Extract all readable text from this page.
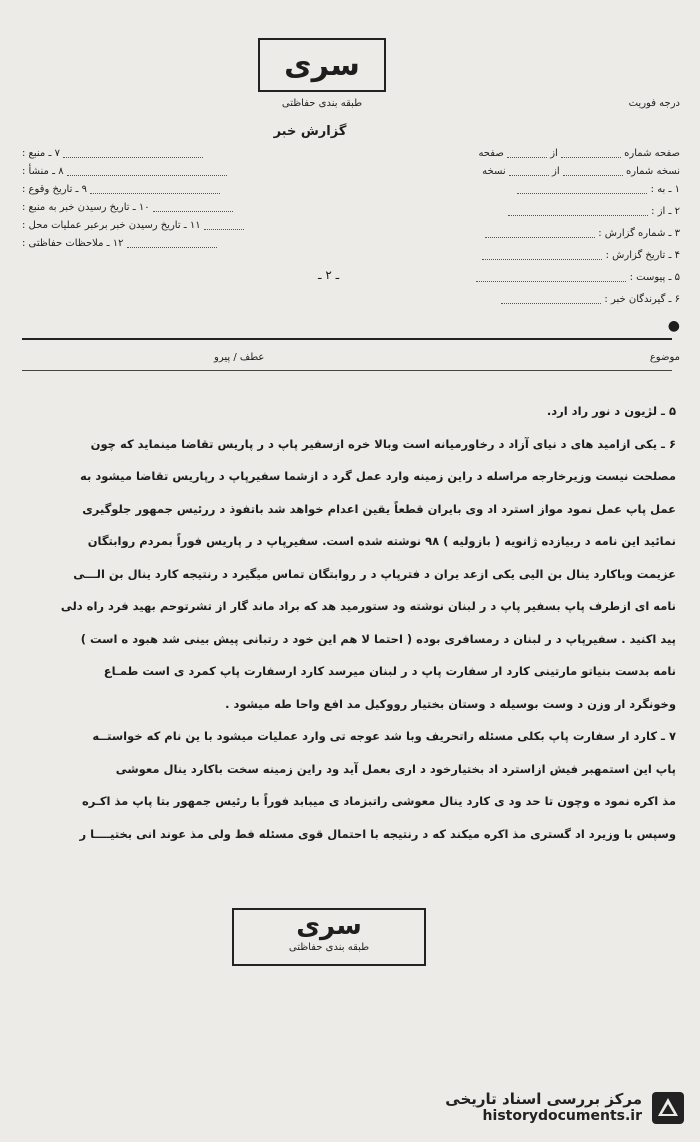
سری
طبقه بندی حفاظتی	درجه فوریت
گزارش خبر
۷ ـ منبع :
۸ ـ منشأ :
۹ ـ تاریخ وقوع :
۱۰ ـ تاریخ رسیدن خبر به منبع :
۱۱ ـ تاریخ رسیدن خبر برعبر عملیات محل :
۱۲ ـ ملاحظات حفاظتی :
ـ ۲ ـ
صفحه شماره  از  صفحه
نسخه شماره  از  نسخه
۱ ـ به :
۲ ـ از :
۳ ـ شماره گزارش :
۴ ـ تاریخ گزارش :
۵ ـ پیوست :
۶ ـ گیرندگان خبر :
●
موضوع
عطف / پیرو
۵ ـ لژیون د نور راد ارد.
۶ ـ یکی ازامید های د نیای آزاد د رخاورمیانه است وبالا خره ازسفیر پاپ د ر پاریس تقاضا مینماید که چون
مصلحت نیست وزیرخارجه مراسله د راین زمینه وارد عمل گرد د ازشما سفیرپاپ د رپاریس تقاضا میشود به
عمل پاپ عمل نمود مواز استرد اد وی بایران قطعاً یقین اعدام خواهد شد باتفوذ د ررئیس جمهور جلوگیری
نمائید این نامه د ربیازده ژانویه ( بازولیه ) ۹۸ نوشته شده است. سفیرپاپ د ر پاریس فوراً بمردم روابتگان
عزیمت وباکارد ینال بن الیی یکی ازعد یران د فترپاپ د ر روابتگان تماس میگیرد د رنتیجه کارد ینال بن الـــی
نامه ای ازطرف پاپ بسفیر پاپ د ر لبنان نوشته ود ستورمید هد که براد ماند گار از تشرتوحم بهید فرد راه دلی
پید اکنید . سفیرپاپ د ر لبنان د رمسافری بوده ( احتما لا هم این خود د رتبانی پیش بینی شد هبود ه است )
نامه بدست بنیاتو مارتینی کارد ار سفارت پاپ د ر لبنان میرسد کارد ارسفارت پاپ کمرد ی است طمـاع
وخونگرد ار وزن د وست بوسیله د وستان بختیار رووکیل مد افع واحا طه میشود .
۷ ـ کارد ار سفارت پاپ بکلی مسئله راتحریف وبا شد عوجه تی وارد عملیات میشود با ین نام که خواستــه
پاپ این استمهبر فیش ازاسترد اد بختیارخود د اری بعمل آید ود راین زمینه سخت باکارد ینال معوشی
مذ اکره نمود ه وچون تا حد ود ی کارد ینال معوشی راتبزماد ی میبابد فوراً با رئیس جمهور بتا پاپ مذ اکـره
وسپس با وزیرد اد گستری مذ اکره میکند که د رنتیجه با احتمال قوی مسئله فط ولی مذ عوند انی بختیــــا ر
سری
طبقه بندی حفاظتی
مرکز بررسی اسناد تاریخی
historydocuments.ir
